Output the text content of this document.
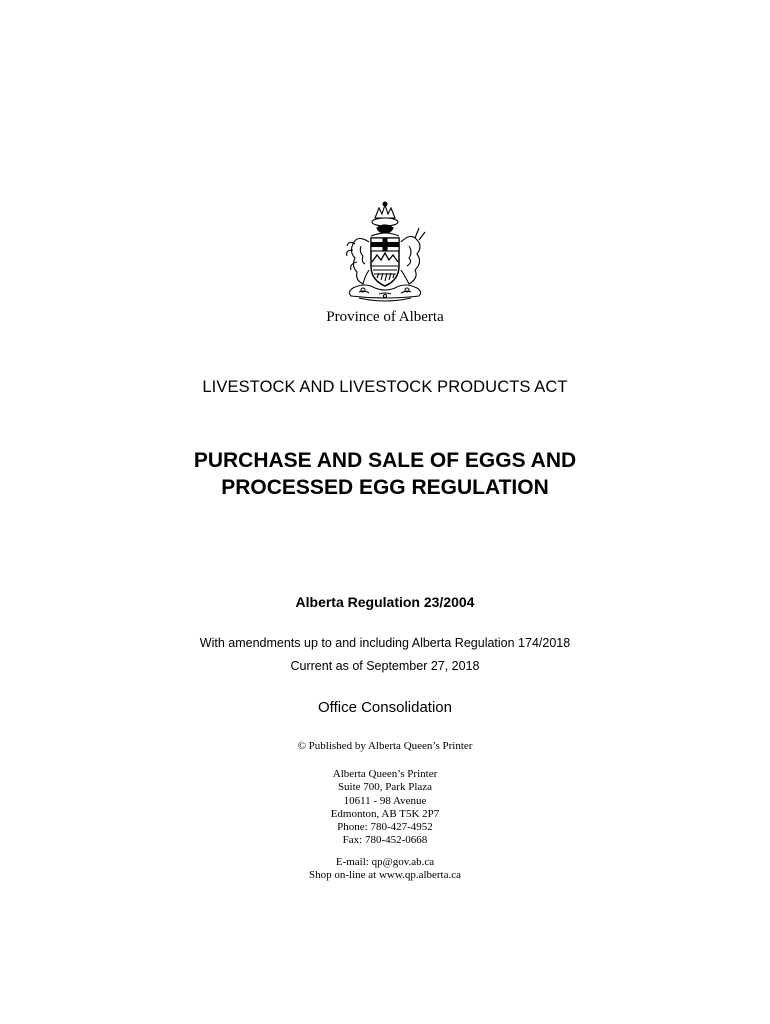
Province of Alberta
LIVESTOCK AND LIVESTOCK PRODUCTS ACT
PURCHASE AND SALE OF EGGS AND
PROCESSED EGG REGULATION
Alberta Regulation 23/2004
With amendments up to and including Alberta Regulation 174/2018
Current as of September 27, 2018
Office Consolidation
© Published by Alberta Queen’s Printer
Alberta Queen’s Printer
Suite 700, Park Plaza
10611 - 98 Avenue
Edmonton, AB T5K 2P7
Phone: 780-427-4952
Fax: 780-452-0668
E-mail: qp@gov.ab.ca
Shop on-line at www.qp.alberta.ca
